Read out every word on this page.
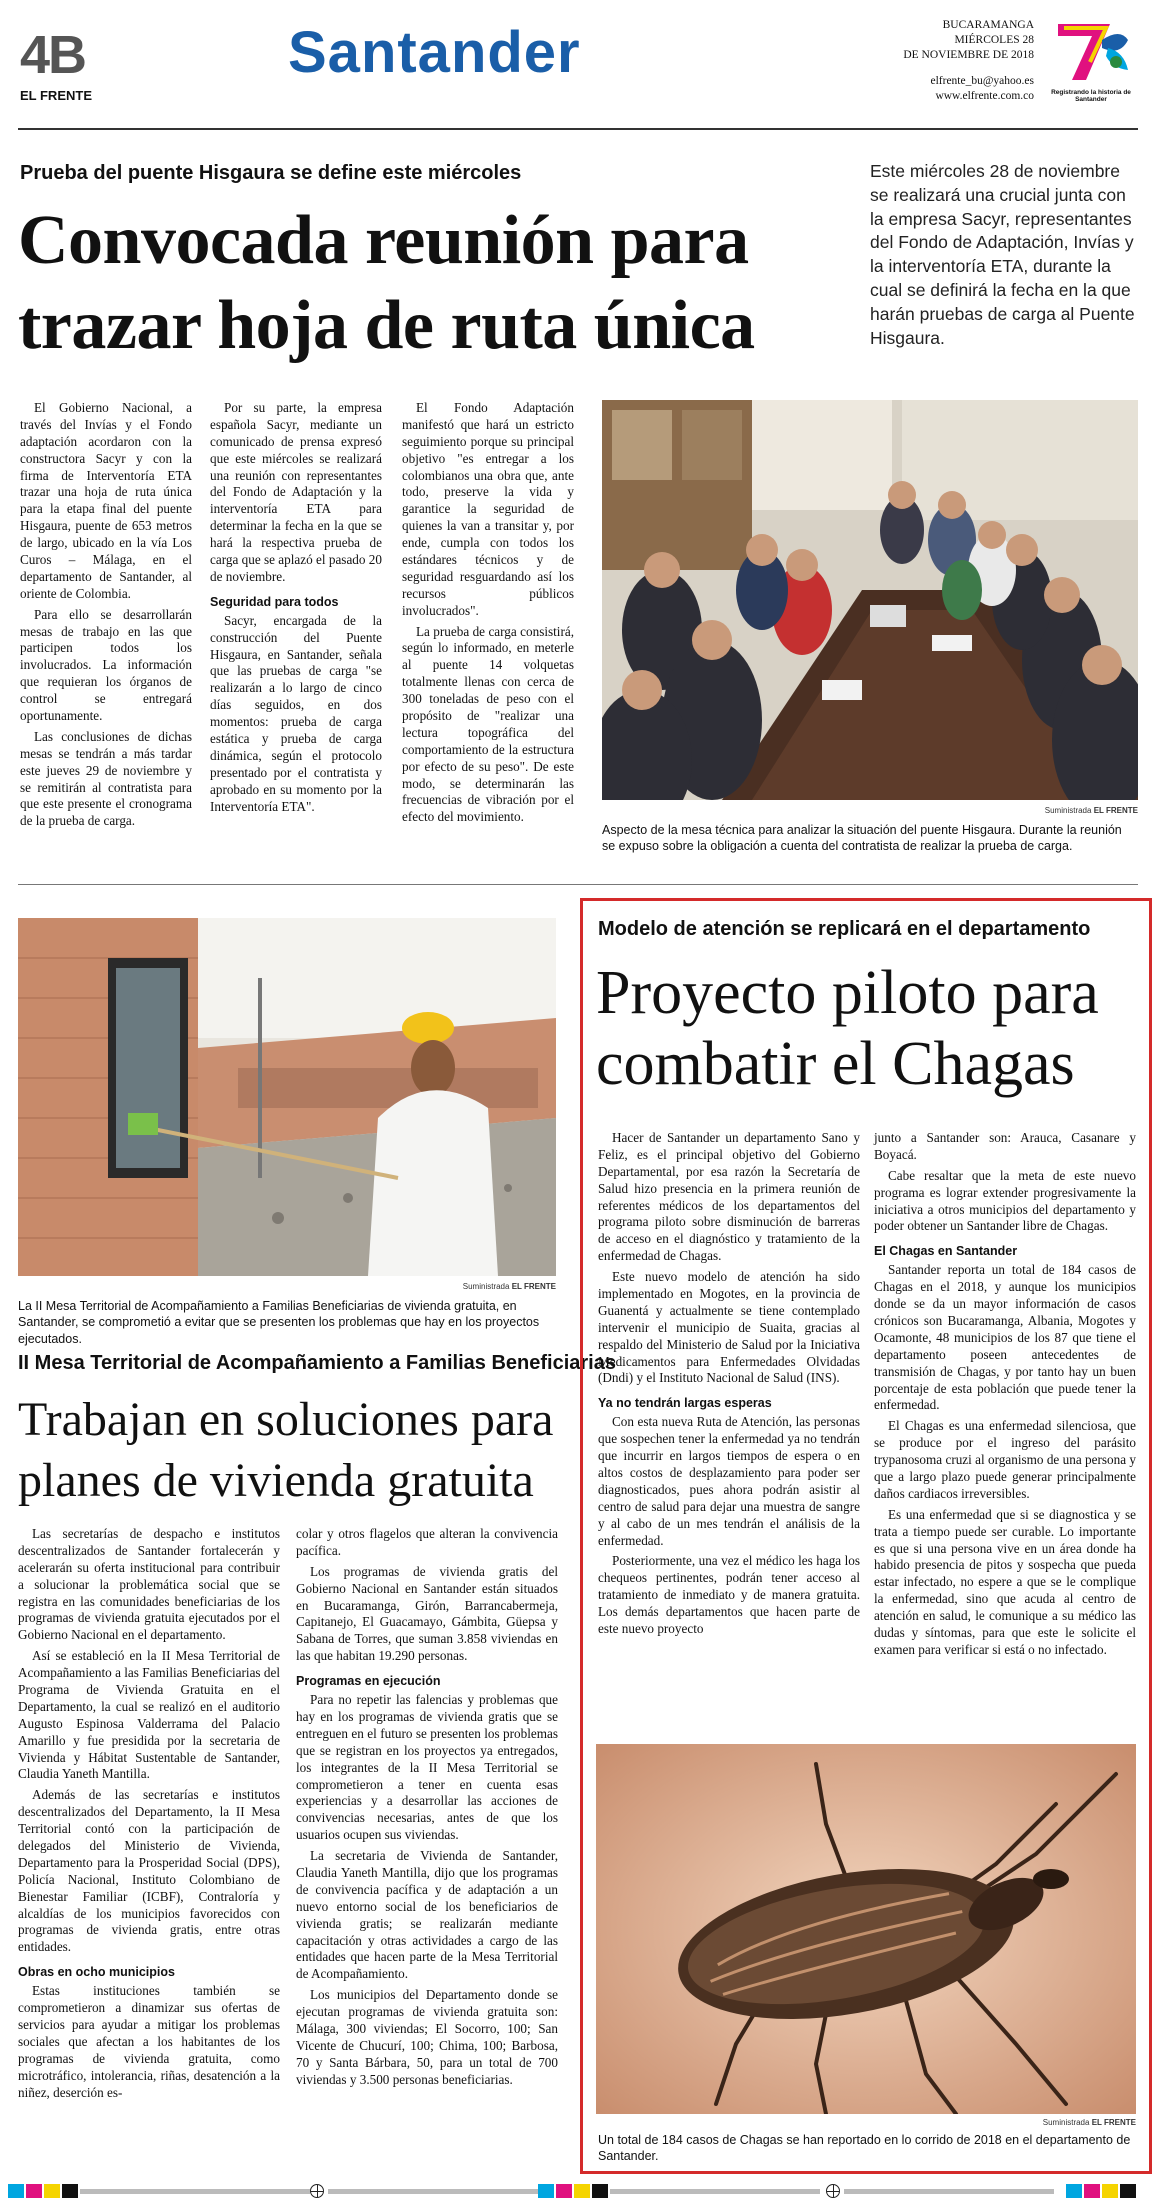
4B
EL FRENTE
Santander	BUCARAMANGA
MIÉRCOLES 28
DE NOVIEMBRE DE 2018
elfrente_bu@yahoo.es
www.elfrente.com.co	Registrando la historia de Santander
Prueba del puente Hisgaura se define este miércoles
Convocada reunión para
trazar hoja de ruta única
Este miércoles 28 de noviembre se realizará una crucial junta con la empresa Sacyr, representantes del Fondo de Adaptación, Invías y la interventoría ETA, durante la cual se definirá la fecha en la que harán pruebas de carga al Puente Hisgaura.

El Gobierno Nacional, a través del Invías y el Fondo adaptación acordaron con la constructora Sacyr y con la firma de Interventoría ETA trazar una hoja de ruta única para la etapa final del puente Hisgaura, puente de 653 metros de largo, ubicado en la vía Los Curos – Málaga, en el departamento de Santander, al oriente de Colombia.

Para ello se desarrollarán mesas de trabajo en las que participen todos los involucrados. La información que requieran los órganos de control se entregará oportunamente.

Las conclusiones de dichas mesas se tendrán a más tardar este jueves 29 de noviembre y se remitirán al contratista para que este presente el cronograma de la prueba de carga.

Por su parte, la empresa española Sacyr, mediante un comunicado de prensa expresó que este miércoles se realizará una reunión con representantes del Fondo de Adaptación y la interventoría ETA para determinar la fecha en la que se hará la respectiva prueba de carga que se aplazó el pasado 20 de noviembre.

Seguridad para todos

Sacyr, encargada de la construcción del Puente Hisgaura, en Santander, señala que las pruebas de carga "se realizarán a lo largo de cinco días seguidos, en dos momentos: prueba de carga estática y prueba de carga dinámica, según el protocolo presentado por el contratista y aprobado en su momento por la Interventoría ETA".

El Fondo Adaptación manifestó que hará un estricto seguimiento porque su principal objetivo "es entregar a los colombianos una obra que, ante todo, preserve la vida y garantice la seguridad de quienes la van a transitar y, por ende, cumpla con todos los estándares técnicos y de seguridad resguardando así los recursos públicos involucrados".

La prueba de carga consistirá, según lo informado, en meterle al puente 14 volquetas totalmente llenas con cerca de 300 toneladas de peso con el propósito de "realizar una lectura topográfica del comportamiento de la estructura por efecto de su peso". De este modo, se determinarán las frecuencias de vibración por el efecto del movimiento.	Suministrada EL FRENTE
Aspecto de la mesa técnica para analizar la situación del puente Hisgaura. Durante la reunión se expuso sobre la obligación a cuenta del contratista de realizar la prueba de carga.
Suministrada EL FRENTE
La II Mesa Territorial de Acompañamiento a Familias Beneficiarias de vivienda gratuita, en Santander, se comprometió a evitar que se presenten los problemas que hay en los proyectos ejecutados.
II Mesa Territorial de Acompañamiento a Familias Beneficiarias
Trabajan en soluciones para
planes de vivienda gratuita

Las secretarías de despacho e institutos descentralizados de Santander fortalecerán y acelerarán su oferta institucional para contribuir a solucionar la problemática social que se registra en las comunidades beneficiarias de los programas de vivienda gratuita ejecutados por el Gobierno Nacional en el departamento.

Así se estableció en la II Mesa Territorial de Acompañamiento a las Familias Beneficiarias del Programa de Vivienda Gratuita en el Departamento, la cual se realizó en el auditorio Augusto Espinosa Valderrama del Palacio Amarillo y fue presidida por la secretaria de Vivienda y Hábitat Sustentable de Santander, Claudia Yaneth Mantilla.

Además de las secretarías e institutos descentralizados del Departamento, la II Mesa Territorial contó con la participación de delegados del Ministerio de Vivienda, Departamento para la Prosperidad Social (DPS), Policía Nacional, Instituto Colombiano de Bienestar Familiar (ICBF), Contraloría y alcaldías de los municipios favorecidos con programas de vivienda gratis, entre otras entidades.

Obras en ocho municipios

Estas instituciones también se comprometieron a dinamizar sus ofertas de servicios para ayudar a mitigar los problemas sociales que afectan a los habitantes de los programas de vivienda gratuita, como microtráfico, intolerancia, riñas, desatención a la niñez, deserción es-

colar y otros flagelos que alteran la convivencia pacífica.

Los programas de vivienda gratis del Gobierno Nacional en Santander están situados en Bucaramanga, Girón, Barrancabermeja, Capitanejo, El Guacamayo, Gámbita, Güepsa y Sabana de Torres, que suman 3.858 viviendas en las que habitan 19.290 personas.

Programas en ejecución

Para no repetir las falencias y problemas que hay en los programas de vivienda gratis que se entreguen en el futuro se presenten los problemas que se registran en los proyectos ya entregados, los integrantes de la II Mesa Territorial se comprometieron a tener en cuenta esas experiencias y a desarrollar las acciones de convivencias necesarias, antes de que los usuarios ocupen sus viviendas.

La secretaria de Vivienda de Santander, Claudia Yaneth Mantilla, dijo que los programas de convivencia pacífica y de adaptación a un nuevo entorno social de los beneficiarios de vivienda gratis; se realizarán mediante capacitación y otras actividades a cargo de las entidades que hacen parte de la Mesa Territorial de Acompañamiento.

Los municipios del Departamento donde se ejecutan programas de vivienda gratuita son: Málaga, 300 viviendas; El Socorro, 100; San Vicente de Chucurí, 100; Chima, 100; Barbosa, 70 y Santa Bárbara, 50, para un total de 700 viviendas y 3.500 personas beneficiarias.

Modelo de atención se replicará en el departamento
Proyecto piloto para
combatir el Chagas

Hacer de Santander un departamento Sano y Feliz, es el principal objetivo del Gobierno Departamental, por esa razón la Secretaría de Salud hizo presencia en la primera reunión de referentes médicos de los departamentos del programa piloto sobre disminución de barreras de acceso en el diagnóstico y tratamiento de la enfermedad de Chagas.

Este nuevo modelo de atención ha sido implementado en Mogotes, en la provincia de Guanentá y actualmente se tiene contemplado intervenir el municipio de Suaita, gracias al respaldo del Ministerio de Salud por la Iniciativa Medicamentos para Enfermedades Olvidadas (Dndi) y el Instituto Nacional de Salud (INS).

Ya no tendrán largas esperas

Con esta nueva Ruta de Atención, las personas que sospechen tener la enfermedad ya no tendrán que incurrir en largos tiempos de espera o en altos costos de desplazamiento para poder ser diagnosticados, pues ahora podrán asistir al centro de salud para dejar una muestra de sangre y al cabo de un mes tendrán el análisis de la enfermedad.

Posteriormente, una vez el médico les haga los chequeos pertinentes, podrán tener acceso al tratamiento de inmediato y de manera gratuita. Los demás departamentos que hacen parte de este nuevo proyecto

junto a Santander son: Arauca, Casanare y Boyacá.

Cabe resaltar que la meta de este nuevo programa es lograr extender progresivamente la iniciativa a otros municipios del departamento y poder obtener un Santander libre de Chagas.

El Chagas en Santander

Santander reporta un total de 184 casos de Chagas en el 2018, y aunque los municipios donde se da un mayor información de casos crónicos son Bucaramanga, Albania, Mogotes y Ocamonte, 48 municipios de los 87 que tiene el departamento poseen antecedentes de transmisión de Chagas, y por tanto hay un buen porcentaje de esta población que puede tener la enfermedad.

El Chagas es una enfermedad silenciosa, que se produce por el ingreso del parásito trypanosoma cruzi al organismo de una persona y que a largo plazo puede generar principalmente daños cardiacos irreversibles.

Es una enfermedad que si se diagnostica y se trata a tiempo puede ser curable. Lo importante es que si una persona vive en un área donde ha habido presencia de pitos y sospecha que pueda estar infectado, no espere a que se le complique la enfermedad, sino que acuda al centro de atención en salud, le comunique a su médico las dudas y síntomas, para que este le solicite el examen para verificar si está o no infectado.

Suministrada EL FRENTE
Un total de 184 casos de Chagas se han reportado en lo corrido de 2018 en el departamento de Santander.
